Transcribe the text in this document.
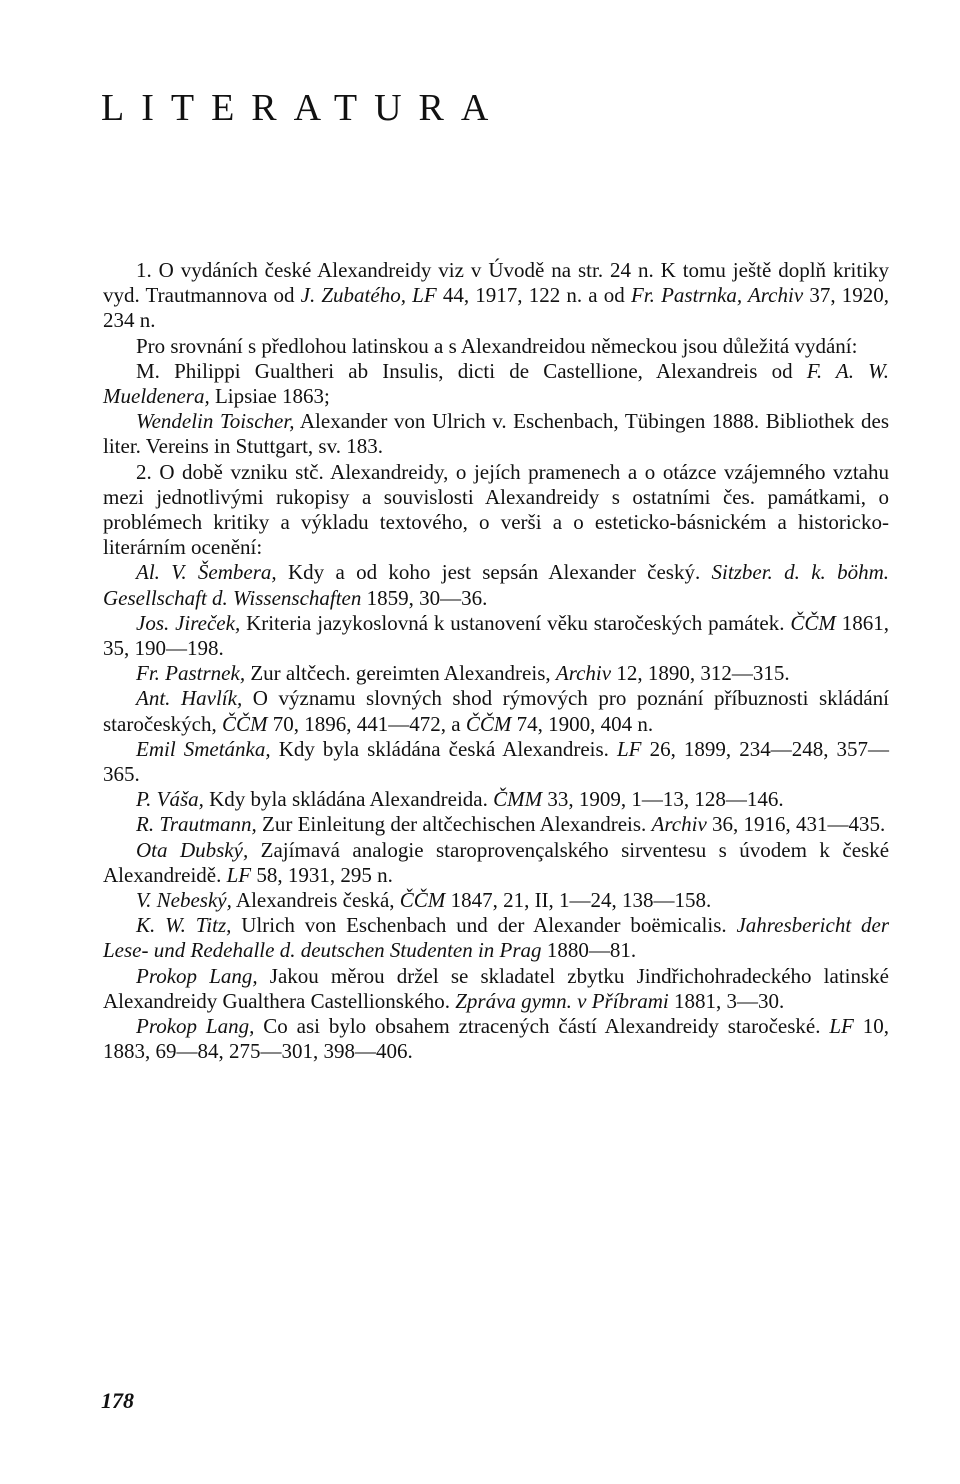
LITERATURA

1. O vydáních české Alexandreidy viz v Úvodě na str. 24 n. K tomu ještě doplň kritiky vyd. Trautmannova od J. Zubatého, LF 44, 1917, 122 n. a od Fr. Pastrnka, Archiv 37, 1920, 234 n.

Pro srovnání s předlohou latinskou a s Alexandreidou německou jsou důležitá vydání:

M. Philippi Gualtheri ab Insulis, dicti de Castellione, Alexandreis od F. A. W. Mueldenera, Lipsiae 1863;

Wendelin Toischer, Alexander von Ulrich v. Eschenbach, Tübingen 1888. Bibliothek des liter. Vereins in Stuttgart, sv. 183.

2. O době vzniku stč. Alexandreidy, o jejích pramenech a o otázce vzájemného vztahu mezi jednotlivými rukopisy a souvislosti Alexandreidy s ostatními čes. památkami, o problémech kritiky a výkladu textového, o verši a o esteticko-básnickém a historicko-literárním ocenění:

Al. V. Šembera, Kdy a od koho jest sepsán Alexander český. Sitzber. d. k. böhm. Gesellschaft d. Wissenschaften 1859, 30—36.

Jos. Jireček, Kriteria jazykoslovná k ustanovení věku staročeských památek. ČČM 1861, 35, 190—198.

Fr. Pastrnek, Zur altčech. gereimten Alexandreis, Archiv 12, 1890, 312—315.

Ant. Havlík, O významu slovných shod rýmových pro poznání příbuznosti skládání staročeských, ČČM 70, 1896, 441—472, a ČČM 74, 1900, 404 n.

Emil Smetánka, Kdy byla skládána česká Alexandreis. LF 26, 1899, 234—248, 357—365.

P. Váša, Kdy byla skládána Alexandreida. ČMM 33, 1909, 1—13, 128—146.

R. Trautmann, Zur Einleitung der altčechischen Alexandreis. Archiv 36, 1916, 431—435.

Ota Dubský, Zajímavá analogie staroprovençalského sirventesu s úvodem k české Alexandreidě. LF 58, 1931, 295 n.

V. Nebeský, Alexandreis česká, ČČM 1847, 21, II, 1—24, 138—158.

K. W. Titz, Ulrich von Eschenbach und der Alexander boëmicalis. Jahresbericht der Lese- und Redehalle d. deutschen Studenten in Prag 1880—81.

Prokop Lang, Jakou měrou držel se skladatel zbytku Jindřichohradeckého latinské Alexandreidy Gualthera Castellionského. Zpráva gymn. v Příbrami 1881, 3—30.

Prokop Lang, Co asi bylo obsahem ztracených částí Alexandreidy staročeské. LF 10, 1883, 69—84, 275—301, 398—406.

178
